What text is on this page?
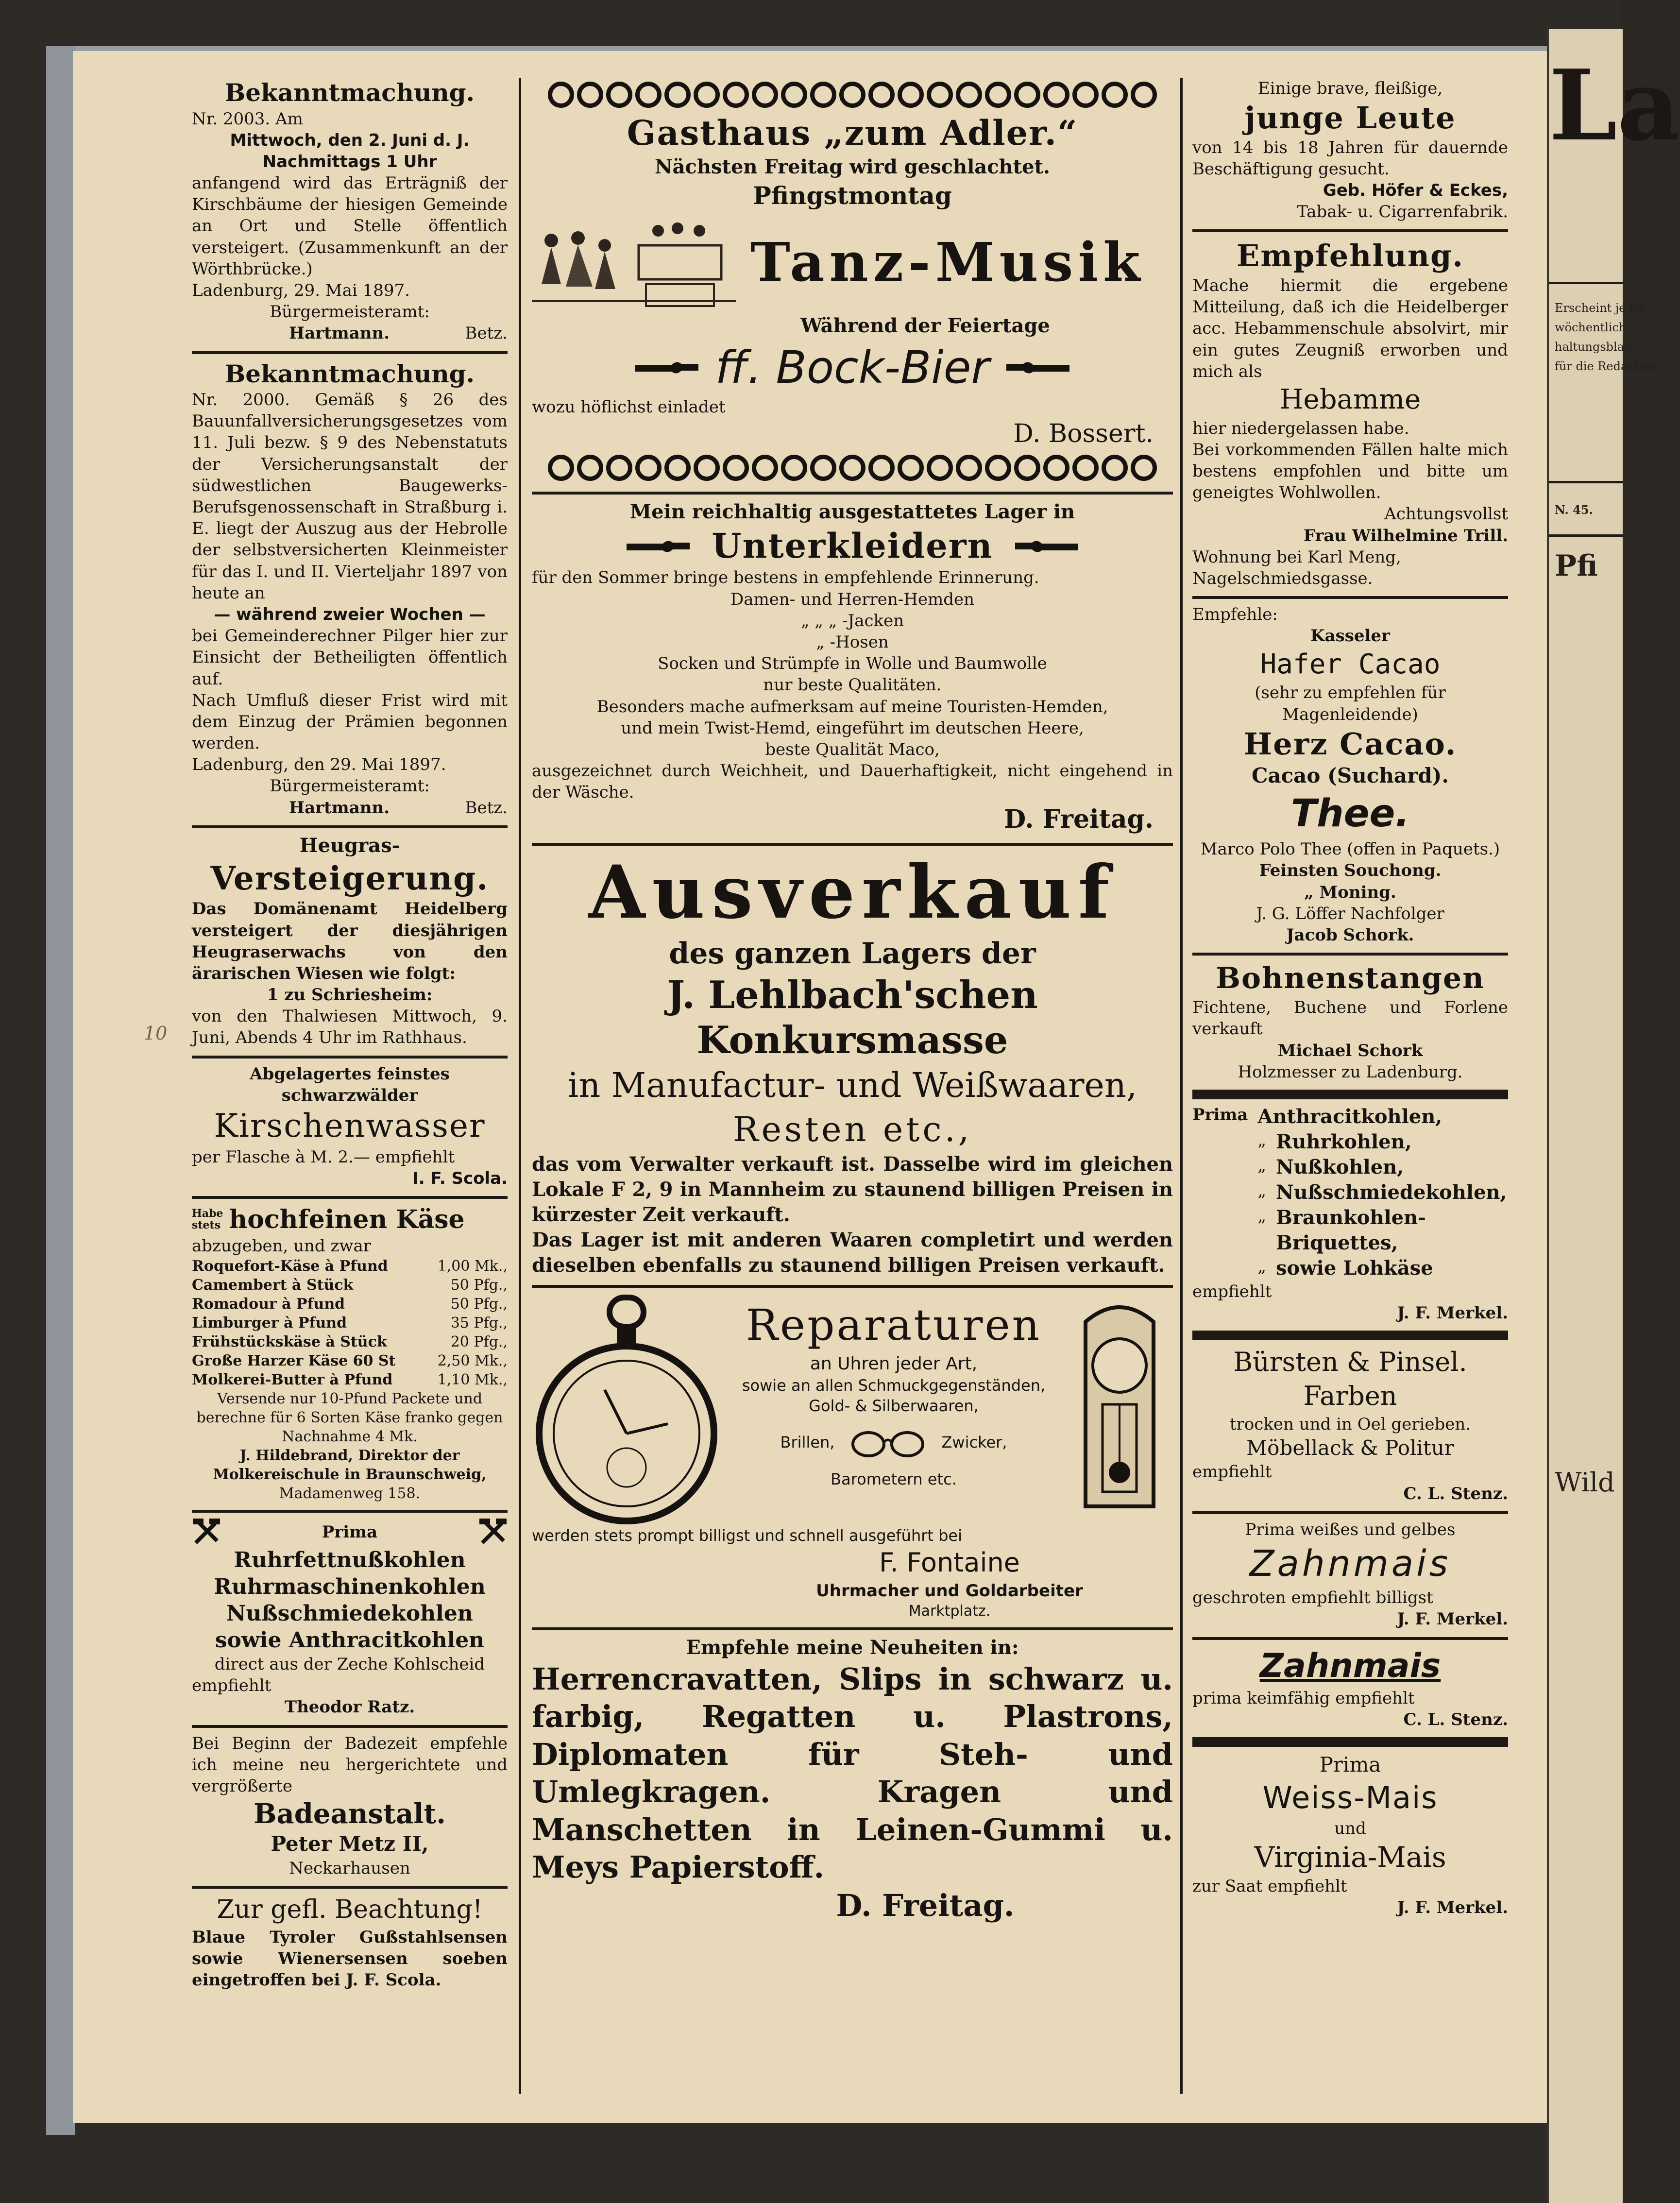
10
Bekanntmachung.
Nr. 2003. Am
Mittwoch, den 2. Juni d. J.
Nachmittags 1 Uhr
anfangend wird das Erträgniß der Kirschbäume der hiesigen Gemeinde an Ort und Stelle öffentlich versteigert. (Zusammenkunft an der Wörthbrücke.)
Ladenburg, 29. Mai 1897.
Bürgermeisteramt:
Hartmann.	Betz.
Bekanntmachung.
Nr. 2000. Gemäß § 26 des Bauunfallversicherungsgesetzes vom 11. Juli bezw. § 9 des Nebenstatuts der Versicherungsanstalt der südwestlichen Baugewerks-Berufsgenossenschaft in Straßburg i. E. liegt der Auszug aus der Hebrolle der selbstversicherten Kleinmeister für das I. und II. Vierteljahr 1897 von heute an
— während zweier Wochen —
bei Gemeinderechner Pilger hier zur Einsicht der Betheiligten öffentlich auf.
Nach Umfluß dieser Frist wird mit dem Einzug der Prämien begonnen werden.
Ladenburg, den 29. Mai 1897.
Bürgermeisteramt:
Hartmann.	Betz.
Heugras-
Versteigerung.
Das Domänenamt Heidelberg versteigert der diesjährigen Heugraserwachs von den ärarischen Wiesen wie folgt:
1 zu Schriesheim:
von den Thalwiesen Mittwoch, 9. Juni, Abends 4 Uhr im Rathhaus.
Abgelagertes feinstes schwarzwälder
Kirschenwasser
per Flasche à M. 2.— empfiehlt
I. F. Scola.
Habe
stets hochfeinen Käse
abzugeben, und zwar
Roquefort-Käse à Pfund	1,00 Mk.,
Camembert à Stück	50 Pfg.,
Romadour à Pfund	50 Pfg.,
Limburger à Pfund	35 Pfg.,
Frühstückskäse à Stück	20 Pfg.,
Große Harzer Käse 60 St	2,50 Mk.,
Molkerei-Butter à Pfund	1,10 Mk.,
Versende nur 10-Pfund Packete und berechne für 6 Sorten Käse franko gegen Nachnahme 4 Mk.
J. Hildebrand, Direktor der Molkereischule in Braunschweig,
Madamenweg 158.
Prima
Ruhrfettnußkohlen
Ruhrmaschinenkohlen
Nußschmiedekohlen
sowie Anthracitkohlen
direct aus der Zeche Kohlscheid
empfiehlt
Theodor Ratz.
Bei Beginn der Badezeit empfehle ich meine neu hergerichtete und vergrößerte
Badeanstalt.
Peter Metz II,
Neckarhausen
Zur gefl. Beachtung!
Blaue Tyroler Gußstahlsensen sowie Wienersensen soeben eingetroffen bei J. F. Scola.
Gasthaus „zum Adler.“
Nächsten Freitag wird geschlachtet.
Pfingstmontag
Tanz-Musik
Während der Feiertage
ff. Bock-Bier
wozu höflichst einladet
D. Bossert.
Mein reichhaltig ausgestattetes Lager in
Unterkleidern
für den Sommer bringe bestens in empfehlende Erinnerung.
Damen- und Herren-Hemden
„ „ „ -Jacken
„ -Hosen
Socken und Strümpfe in Wolle und Baumwolle
nur beste Qualitäten.
Besonders mache aufmerksam auf meine Touristen-Hemden,
und mein Twist-Hemd, eingeführt im deutschen Heere,
beste Qualität Maco,
ausgezeichnet durch Weichheit, und Dauerhaftigkeit, nicht eingehend in der Wäsche.
D. Freitag.
Ausverkauf
des ganzen Lagers der
J. Lehlbach'schen Konkursmasse
in Manufactur- und Weißwaaren,
Resten etc.,
das vom Verwalter verkauft ist. Dasselbe wird im gleichen Lokale F 2, 9 in Mannheim zu staunend billigen Preisen in kürzester Zeit verkauft.
Das Lager ist mit anderen Waaren completirt und werden dieselben ebenfalls zu staunend billigen Preisen verkauft.
Reparaturen
an Uhren jeder Art,
sowie an allen Schmuckgegenständen, Gold- & Silberwaaren,
Brillen,	Zwicker,
Barometern etc.
werden stets prompt billigst und schnell ausgeführt bei
F. Fontaine
Uhrmacher und Goldarbeiter
Marktplatz.
Empfehle meine Neuheiten in:
Herrencravatten, Slips in schwarz u. farbig, Regatten u. Plastrons, Diplomaten für Steh- und Umlegkragen. Kragen und Manschetten in Leinen-Gummi u. Meys Papierstoff.
D. Freitag.
Einige brave, fleißige,
junge Leute
von 14 bis 18 Jahren für dauernde Beschäftigung gesucht.
Geb. Höfer & Eckes,
Tabak- u. Cigarrenfabrik.
Empfehlung.
Mache hiermit die ergebene Mitteilung, daß ich die Heidelberger acc. Hebammenschule absolvirt, mir ein gutes Zeugniß erworben und mich als
Hebamme
hier niedergelassen habe.
Bei vorkommenden Fällen halte mich bestens empfohlen und bitte um geneigtes Wohlwollen.
Achtungsvollst
Frau Wilhelmine Trill.
Wohnung bei Karl Meng, Nagelschmiedsgasse.
Empfehle:
Kasseler
Hafer Cacao
(sehr zu empfehlen für Magenleidende)
Herz Cacao.
Cacao (Suchard).
Thee.
Marco Polo Thee (offen in Paquets.)
Feinsten Souchong.
„ Moning.
J. G. Löffer Nachfolger
Jacob Schork.
Bohnenstangen
Fichtene, Buchene und Forlene verkauft
Michael Schork
Holzmesser zu Ladenburg.
Prima Anthracitkohlen,
„ Ruhrkohlen,
„ Nußkohlen,
„ Nußschmiedekohlen,
„ Braunkohlen-Briquettes,
„ sowie Lohkäse
empfiehlt
J. F. Merkel.
Bürsten & Pinsel.
Farben
trocken und in Oel gerieben.
Möbellack & Politur
empfiehlt
C. L. Stenz.
Prima weißes und gelbes
Zahnmais
geschroten empfiehlt billigst
J. F. Merkel.
Zahnmais
prima keimfähig empfiehlt
C. L. Stenz.
Prima
Weiss-Mais
und
Virginia-Mais
zur Saat empfiehlt
J. F. Merkel.
La
Erscheint jeder
wöchentlich
haltungsblatt
für die Redaktion
N. 45.
Pfi
Wild
